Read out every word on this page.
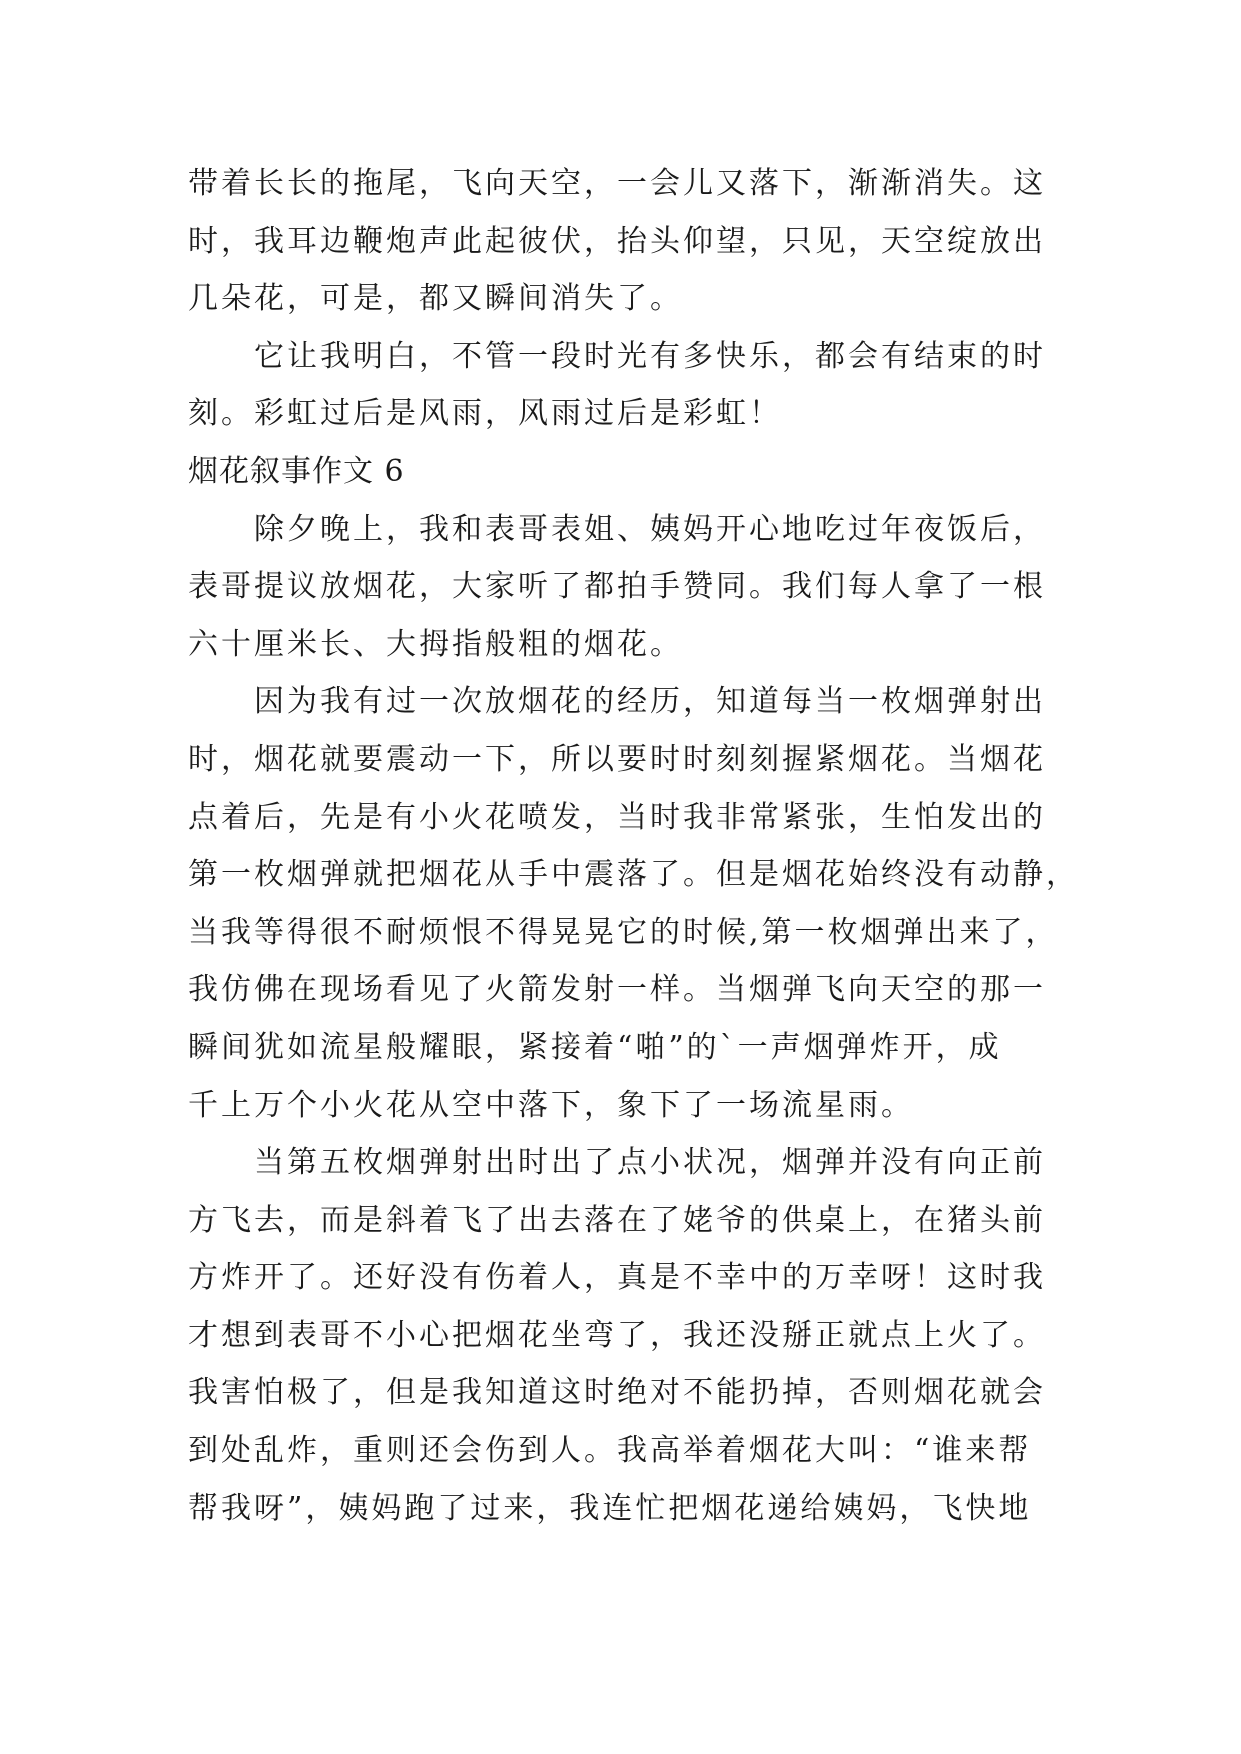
带着长长的拖尾，飞向天空，一会儿又落下，渐渐消失。这
时，我耳边鞭炮声此起彼伏，抬头仰望，只见，天空绽放出
几朵花，可是，都又瞬间消失了。
它让我明白，不管一段时光有多快乐，都会有结束的时
刻。彩虹过后是风雨，风雨过后是彩虹！
烟花叙事作文 6
除夕晚上，我和表哥表姐、姨妈开心地吃过年夜饭后，
表哥提议放烟花，大家听了都拍手赞同。我们每人拿了一根
六十厘米长、大拇指般粗的烟花。
因为我有过一次放烟花的经历，知道每当一枚烟弹射出
时，烟花就要震动一下，所以要时时刻刻握紧烟花。当烟花
点着后，先是有小火花喷发，当时我非常紧张，生怕发出的
第一枚烟弹就把烟花从手中震落了。但是烟花始终没有动静，
当我等得很不耐烦恨不得晃晃它的时候,第一枚烟弹出来了，
我仿佛在现场看见了火箭发射一样。当烟弹飞向天空的那一
瞬间犹如流星般耀眼，紧接着“啪”的`一声烟弹炸开，成
千上万个小火花从空中落下，象下了一场流星雨。
当第五枚烟弹射出时出了点小状况，烟弹并没有向正前
方飞去，而是斜着飞了出去落在了姥爷的供桌上，在猪头前
方炸开了。还好没有伤着人，真是不幸中的万幸呀！这时我
才想到表哥不小心把烟花坐弯了，我还没掰正就点上火了。
我害怕极了，但是我知道这时绝对不能扔掉，否则烟花就会
到处乱炸，重则还会伤到人。我高举着烟花大叫：“谁来帮
帮我呀”，姨妈跑了过来，我连忙把烟花递给姨妈，飞快地
